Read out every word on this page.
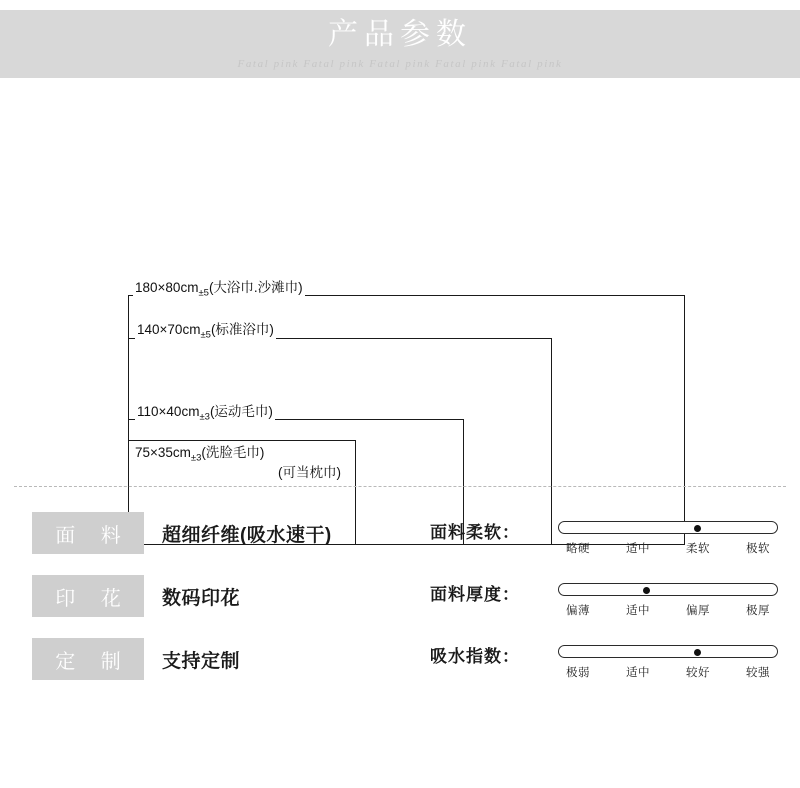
产品参数
Fatal pink Fatal pink Fatal pink Fatal pink Fatal pink
$180\times 80cm_{\pm 5}$(大浴巾.沙滩巾)
$140\times 70cm_{\pm 5}$(标准浴巾)
$110\times 40cm_{\pm 3}$(运动毛巾)
$75\times 35cm_{\pm 3}$(洗脸毛巾)
(可当枕巾)
面 料	超细纤维(吸水速干)
印 花	数码印花
定 制	支持定制
面料柔软：
略硬	适中	柔软	极软
面料厚度：
偏薄	适中	偏厚	极厚
吸水指数：
极弱	适中	较好	较强
